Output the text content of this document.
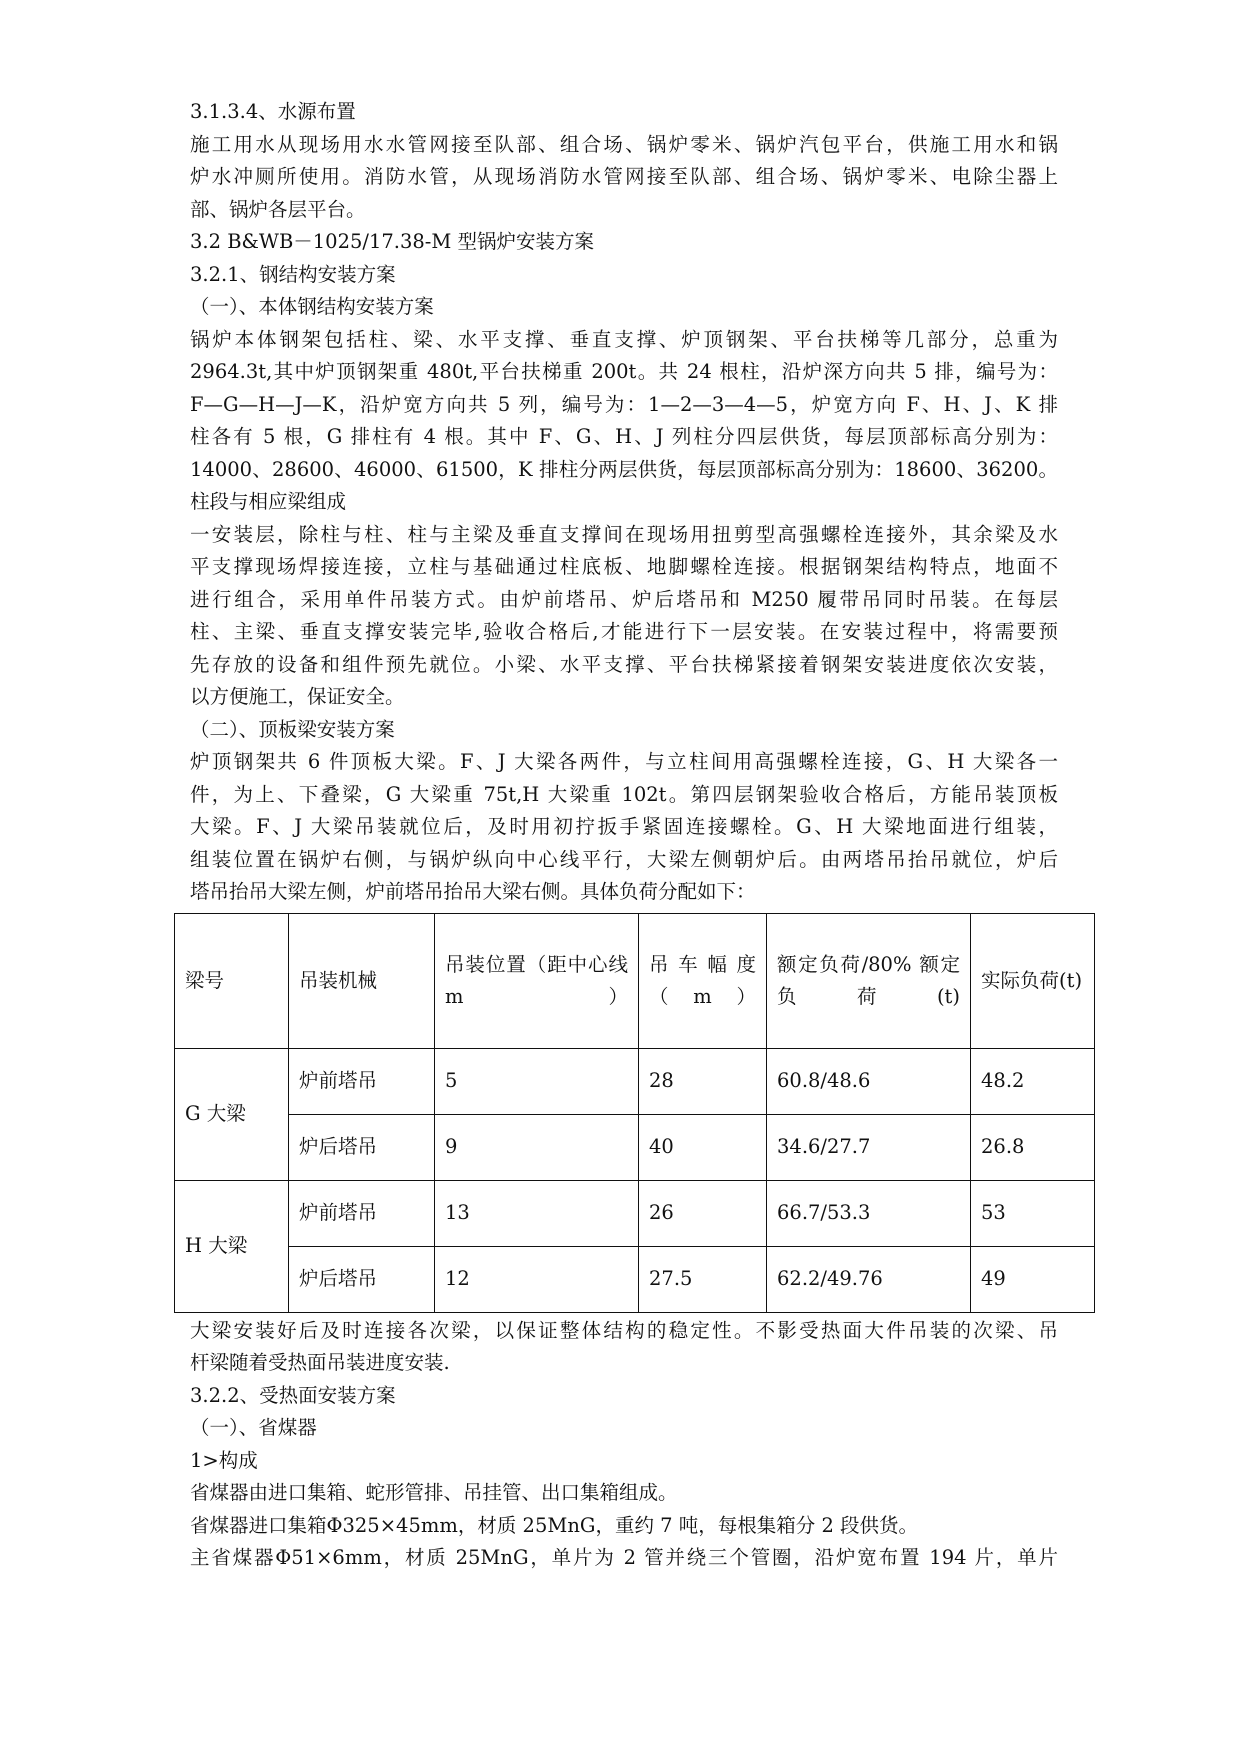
3.1.3.4、水源布置
施工用水从现场用水水管网接至队部、组合场、锅炉零米、锅炉汽包平台，供施工用水和锅
炉水冲厕所使用。消防水管，从现场消防水管网接至队部、组合场、锅炉零米、电除尘器上
部、锅炉各层平台。
3.2 B&WB－1025/17.38-M 型锅炉安装方案
3.2.1、钢结构安装方案
（一）、本体钢结构安装方案
锅炉本体钢架包括柱、梁、水平支撑、垂直支撑、炉顶钢架、平台扶梯等几部分，总重为
2964.3t,其中炉顶钢架重 480t,平台扶梯重 200t。共 24 根柱，沿炉深方向共 5 排，编号为：
F—G—H—J—K，沿炉宽方向共 5 列，编号为：1—2—3—4—5，炉宽方向 F、H、J、K 排
柱各有 5 根，G 排柱有 4 根。其中 F、G、H、J 列柱分四层供货，每层顶部标高分别为：
14000、28600、46000、61500，K 排柱分两层供货，每层顶部标高分别为：18600、36200。
柱段与相应梁组成
一安装层，除柱与柱、柱与主梁及垂直支撑间在现场用扭剪型高强螺栓连接外，其余梁及水
平支撑现场焊接连接，立柱与基础通过柱底板、地脚螺栓连接。根据钢架结构特点，地面不
进行组合，采用单件吊装方式。由炉前塔吊、炉后塔吊和 M250 履带吊同时吊装。在每层
柱、主梁、垂直支撑安装完毕,验收合格后,才能进行下一层安装。在安装过程中，将需要预
先存放的设备和组件预先就位。小梁、水平支撑、平台扶梯紧接着钢架安装进度依次安装，
以方便施工，保证安全。
（二）、顶板梁安装方案
炉顶钢架共 6 件顶板大梁。F、J 大梁各两件，与立柱间用高强螺栓连接，G、H 大梁各一
件，为上、下叠梁，G 大梁重 75t,H 大梁重 102t。第四层钢架验收合格后，方能吊装顶板
大梁。F、J 大梁吊装就位后，及时用初拧扳手紧固连接螺栓。G、H 大梁地面进行组装，
组装位置在锅炉右侧，与锅炉纵向中心线平行，大梁左侧朝炉后。由两塔吊抬吊就位，炉后
塔吊抬吊大梁左侧，炉前塔吊抬吊大梁右侧。具体负荷分配如下：
梁号	吊装机械	吊装位置（距中心线 m）	吊 车 幅 度（m）	额定负荷/80% 额定负荷(t)	实际负荷(t)
G 大梁	炉前塔吊	5	28	60.8/48.6	48.2
	炉后塔吊	9	40	34.6/27.7	26.8
H 大梁	炉前塔吊	13	26	66.7/53.3	53
	炉后塔吊	12	27.5	62.2/49.76	49
大梁安装好后及时连接各次梁，以保证整体结构的稳定性。不影受热面大件吊装的次梁、吊
杆梁随着受热面吊装进度安装.
3.2.2、受热面安装方案
（一）、省煤器
1>构成
省煤器由进口集箱、蛇形管排、吊挂管、出口集箱组成。
省煤器进口集箱Φ325×45mm，材质 25MnG，重约 7 吨，每根集箱分 2 段供货。
主省煤器Φ51×6mm，材质 25MnG，单片为 2 管并绕三个管圈，沿炉宽布置 194 片，单片
